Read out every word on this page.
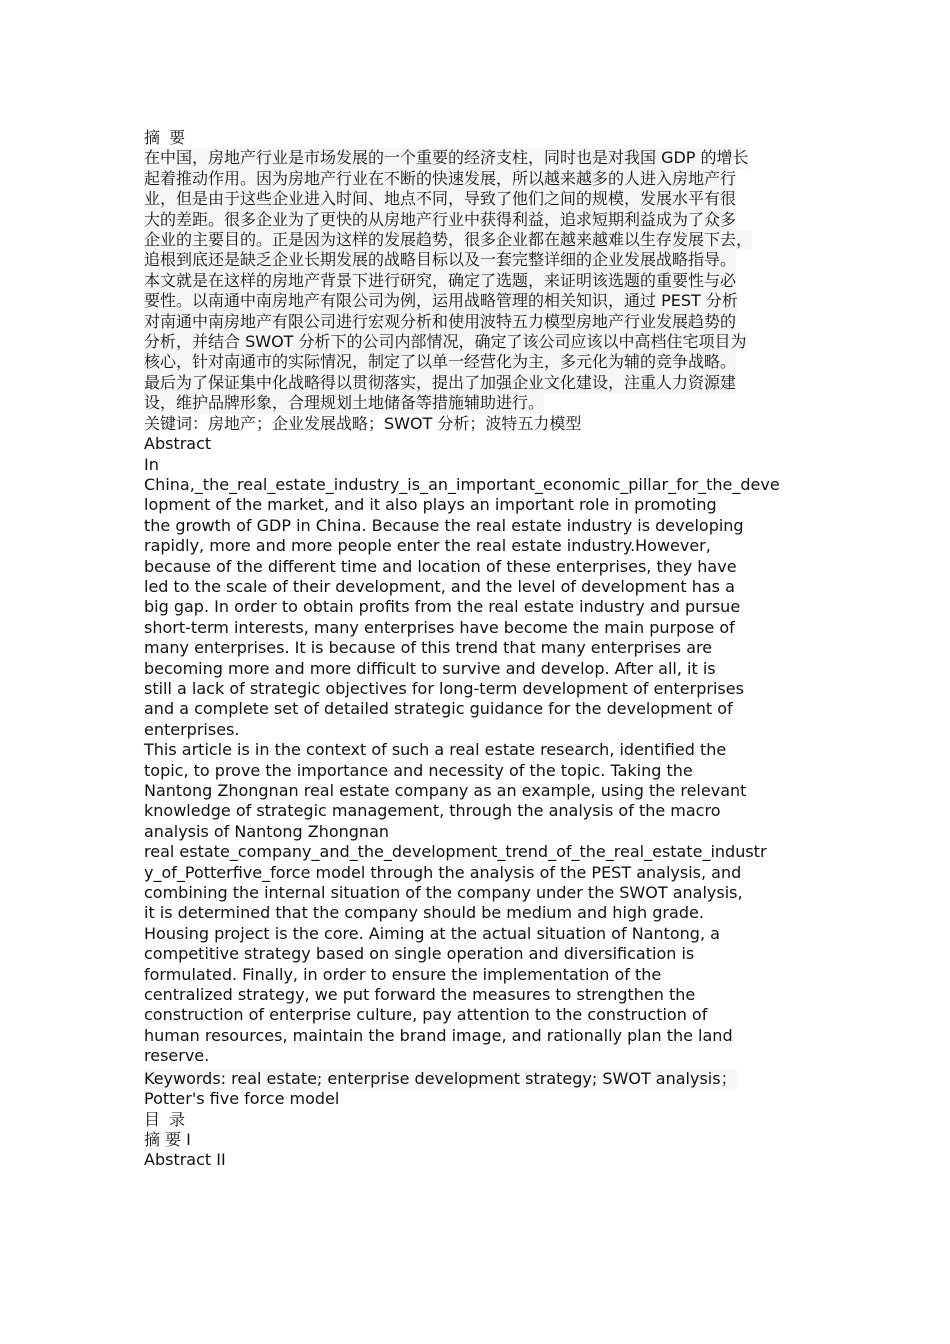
摘 要
在中国，房地产行业是市场发展的一个重要的经济支柱，同时也是对我国 GDP 的增长
起着推动作用。因为房地产行业在不断的快速发展，所以越来越多的人进入房地产行
业，但是由于这些企业进入时间、地点不同，导致了他们之间的规模，发展水平有很
大的差距。很多企业为了更快的从房地产行业中获得利益，追求短期利益成为了众多
企业的主要目的。正是因为这样的发展趋势，很多企业都在越来越难以生存发展下去，
追根到底还是缺乏企业长期发展的战略目标以及一套完整详细的企业发展战略指导。
本文就是在这样的房地产背景下进行研究，确定了选题，来证明该选题的重要性与必
要性。以南通中南房地产有限公司为例，运用战略管理的相关知识，通过 PEST 分析
对南通中南房地产有限公司进行宏观分析和使用波特五力模型房地产行业发展趋势的
分析，并结合 SWOT 分析下的公司内部情况，确定了该公司应该以中高档住宅项目为
核心，针对南通市的实际情况，制定了以单一经营化为主，多元化为辅的竞争战略。
最后为了保证集中化战略得以贯彻落实，提出了加强企业文化建设，注重人力资源建
设，维护品牌形象，合理规划土地储备等措施辅助进行。
关键词：房地产；企业发展战略；SWOT 分析；波特五力模型
Abstract
In
China,_the_real_estate_industry_is_an_important_economic_pillar_for_the_deve
lopment of the market, and it also plays an important role in promoting
the growth of GDP in China. Because the real estate industry is developing
rapidly, more and more people enter the real estate industry.However,
because of the different time and location of these enterprises, they have
led to the scale of their development, and the level of development has a
big gap. In order to obtain profits from the real estate industry and pursue
short-term interests, many enterprises have become the main purpose of
many enterprises. It is because of this trend that many enterprises are
becoming more and more difficult to survive and develop. After all, it is
still a lack of strategic objectives for long-term development of enterprises
and a complete set of detailed strategic guidance for the development of
enterprises.
This article is in the context of such a real estate research, identified the
topic, to prove the importance and necessity of the topic. Taking the
Nantong Zhongnan real estate company as an example, using the relevant
knowledge of strategic management, through the analysis of the macro
analysis of Nantong Zhongnan
real estate_company_and_the_development_trend_of_the_real_estate_industr
y_of_Potterfive_force model through the analysis of the PEST analysis, and
combining the internal situation of the company under the SWOT analysis,
it is determined that the company should be medium and high grade.
Housing project is the core. Aiming at the actual situation of Nantong, a
competitive strategy based on single operation and diversification is
formulated. Finally, in order to ensure the implementation of the
centralized strategy, we put forward the measures to strengthen the
construction of enterprise culture, pay attention to the construction of
human resources, maintain the brand image, and rationally plan the land
reserve.
Keywords: real estate; enterprise development strategy; SWOT analysis；
Potter's five force model
目 录
摘 要 I
Abstract II
